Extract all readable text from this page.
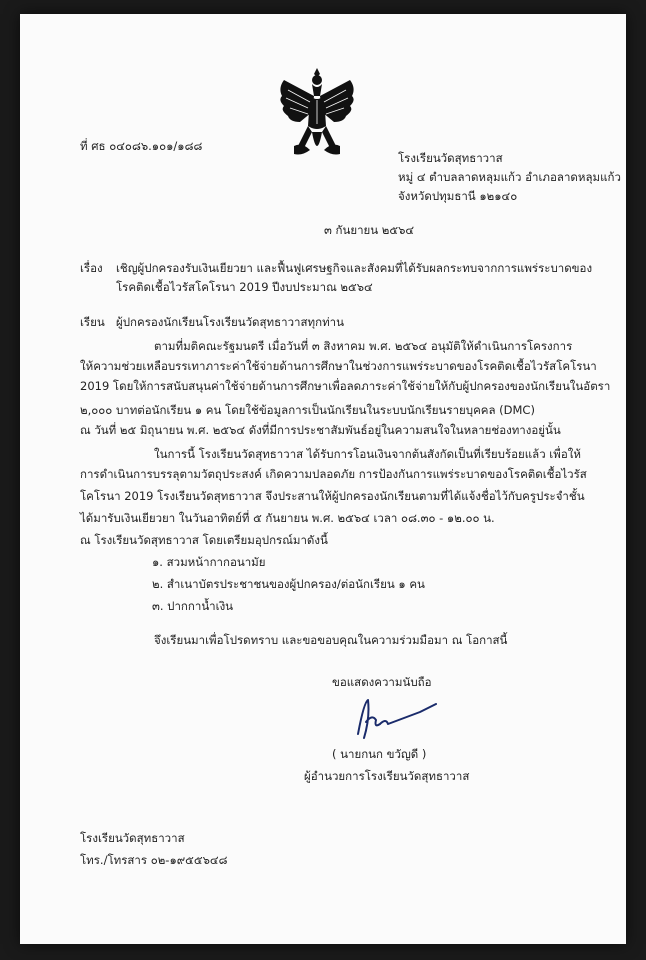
ที่ ศธ ๐๔๐๘๖.๑๐๑/๑๘๘
โรงเรียนวัดสุทธาวาส
หมู่ ๔ ตำบลลาดหลุมแก้ว อำเภอลาดหลุมแก้ว
จังหวัดปทุมธานี ๑๒๑๔๐
๓ กันยายน ๒๕๖๔
เรื่อง เชิญผู้ปกครองรับเงินเยียวยา และฟื้นฟูเศรษฐกิจและสังคมที่ได้รับผลกระทบจากการแพร่ระบาดของ
โรคติดเชื้อไวรัสโคโรนา 2019 ปีงบประมาณ ๒๕๖๔
เรียน ผู้ปกครองนักเรียนโรงเรียนวัดสุทธาวาสทุกท่าน
ตามที่มติคณะรัฐมนตรี เมื่อวันที่ ๓ สิงหาคม พ.ศ. ๒๕๖๔ อนุมัติให้ดำเนินการโครงการ
ให้ความช่วยเหลือบรรเทาภาระค่าใช้จ่ายด้านการศึกษาในช่วงการแพร่ระบาดของโรคติดเชื้อไวรัสโคโรนา
2019 โดยให้การสนับสนุนค่าใช้จ่ายด้านการศึกษาเพื่อลดภาระค่าใช้จ่ายให้กับผู้ปกครองของนักเรียนในอัตรา
๒,๐๐๐ บาทต่อนักเรียน ๑ คน โดยใช้ข้อมูลการเป็นนักเรียนในระบบนักเรียนรายบุคคล (DMC)
ณ วันที่ ๒๕ มิถุนายน พ.ศ. ๒๕๖๔ ดังที่มีการประชาสัมพันธ์อยู่ในความสนใจในหลายช่องทางอยู่นั้น
ในการนี้ โรงเรียนวัดสุทธาวาส ได้รับการโอนเงินจากต้นสังกัดเป็นที่เรียบร้อยแล้ว เพื่อให้
การดำเนินการบรรลุตามวัตถุประสงค์ เกิดความปลอดภัย การป้องกันการแพร่ระบาดของโรคติดเชื้อไวรัส
โคโรนา 2019 โรงเรียนวัดสุทธาวาส จึงประสานให้ผู้ปกครองนักเรียนตามที่ได้แจ้งชื่อไว้กับครูประจำชั้น
ได้มารับเงินเยียวยา ในวันอาทิตย์ที่ ๕ กันยายน พ.ศ. ๒๕๖๔ เวลา ๐๘.๓๐ - ๑๒.๐๐ น.
ณ โรงเรียนวัดสุทธาวาส โดยเตรียมอุปกรณ์มาดังนี้
๑. สวมหน้ากากอนามัย
๒. สำเนาบัตรประชาชนของผู้ปกครอง/ต่อนักเรียน ๑ คน
๓. ปากกาน้ำเงิน
จึงเรียนมาเพื่อโปรดทราบ และขอขอบคุณในความร่วมมือมา ณ โอกาสนี้
ขอแสดงความนับถือ
( นายกนก ขวัญดี )
ผู้อำนวยการโรงเรียนวัดสุทธาวาส
โรงเรียนวัดสุทธาวาส
โทร./โทรสาร ๐๒-๑๙๕๕๖๔๘
